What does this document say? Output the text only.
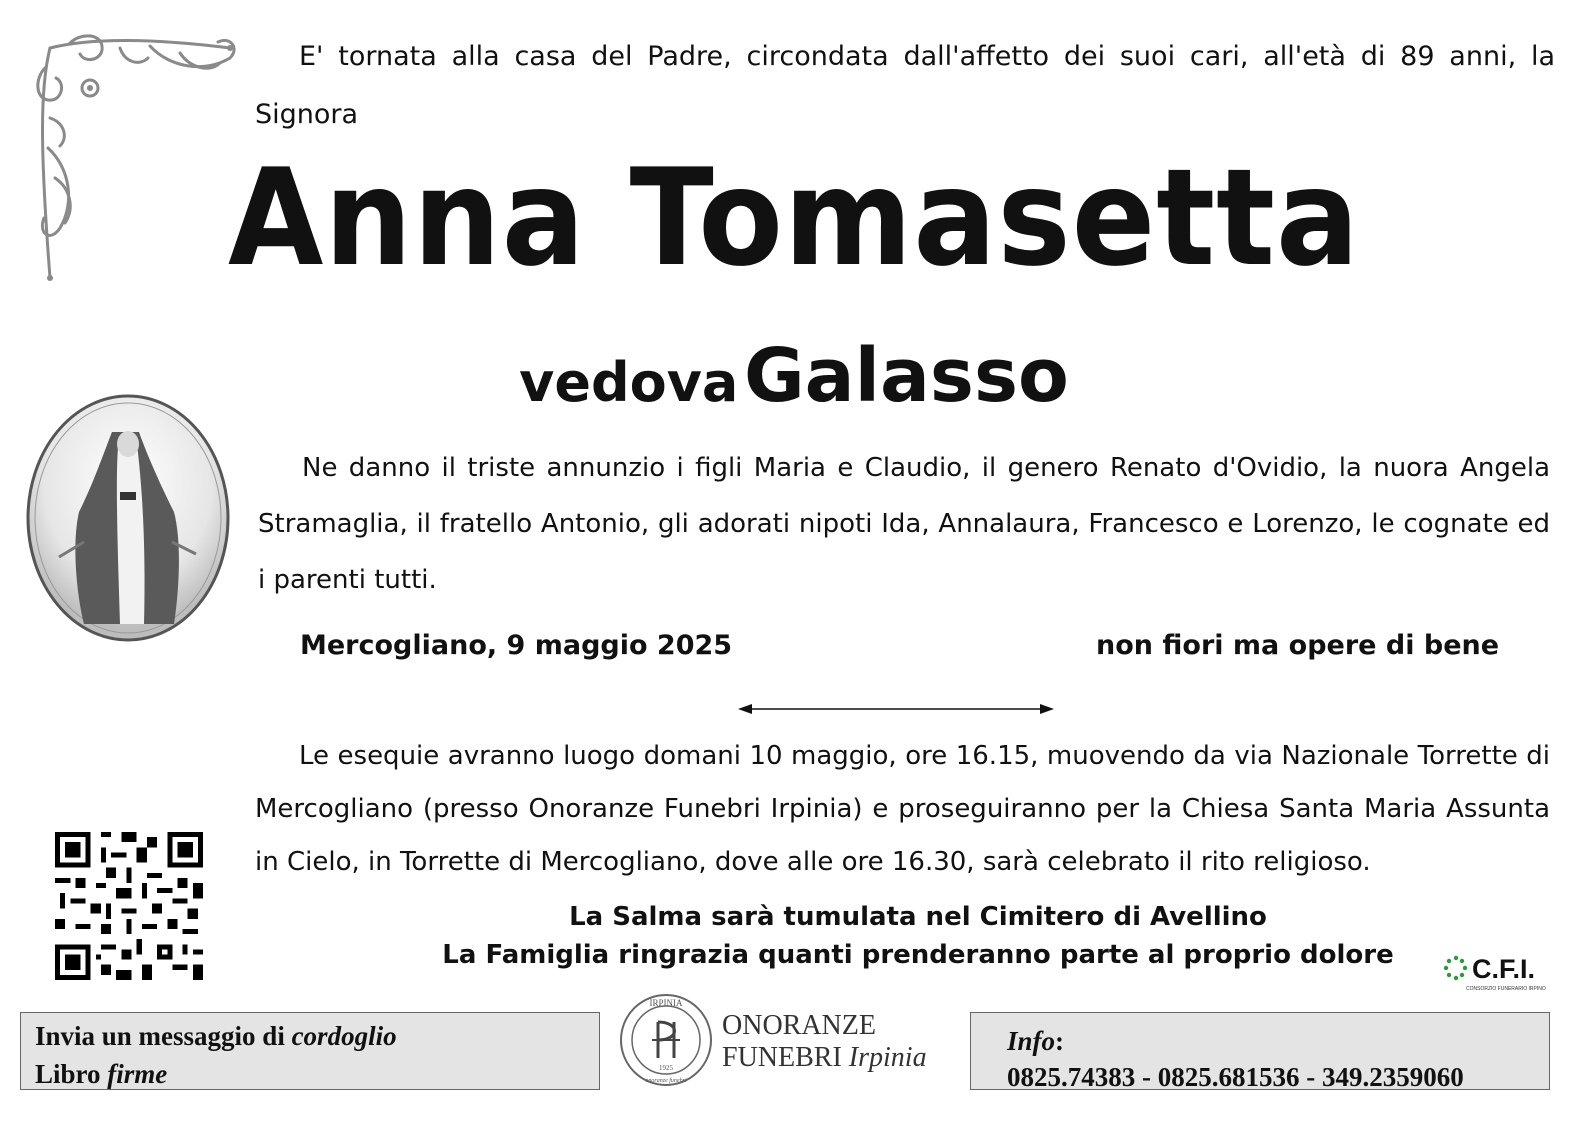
E' tornata alla casa del Padre, circondata dall'affetto dei suoi cari, all'età di 89 anni, la Signora
Anna Tomasetta
vedova Galasso
Ne danno il triste annunzio i figli Maria e Claudio, il genero Renato d'Ovidio, la nuora Angela Stramaglia, il fratello Antonio, gli adorati nipoti Ida, Annalaura, Francesco e Lorenzo, le cognate ed i parenti tutti.
Mercogliano, 9 maggio 2025	non fiori ma opere di bene
Le esequie avranno luogo domani 10 maggio, ore 16.15, muovendo da via Nazionale Torrette di Mercogliano (presso Onoranze Funebri Irpinia) e proseguiranno per la Chiesa Santa Maria Assunta in Cielo, in Torrette di Mercogliano, dove alle ore 16.30, sarà celebrato il rito religioso.
La Salma sarà tumulata nel Cimitero di Avellino
La Famiglia ringrazia quanti prenderanno parte al proprio dolore	C.F.I.
CONSORZIO FUNERARIO IRPINO
Invia un messaggio di cordoglio
Libro firme
IRPINIA
1925
onoranze funebri
ONORANZE
FUNEBRI Irpinia
Info:
0825.74383 - 0825.681536 - 349.2359060
